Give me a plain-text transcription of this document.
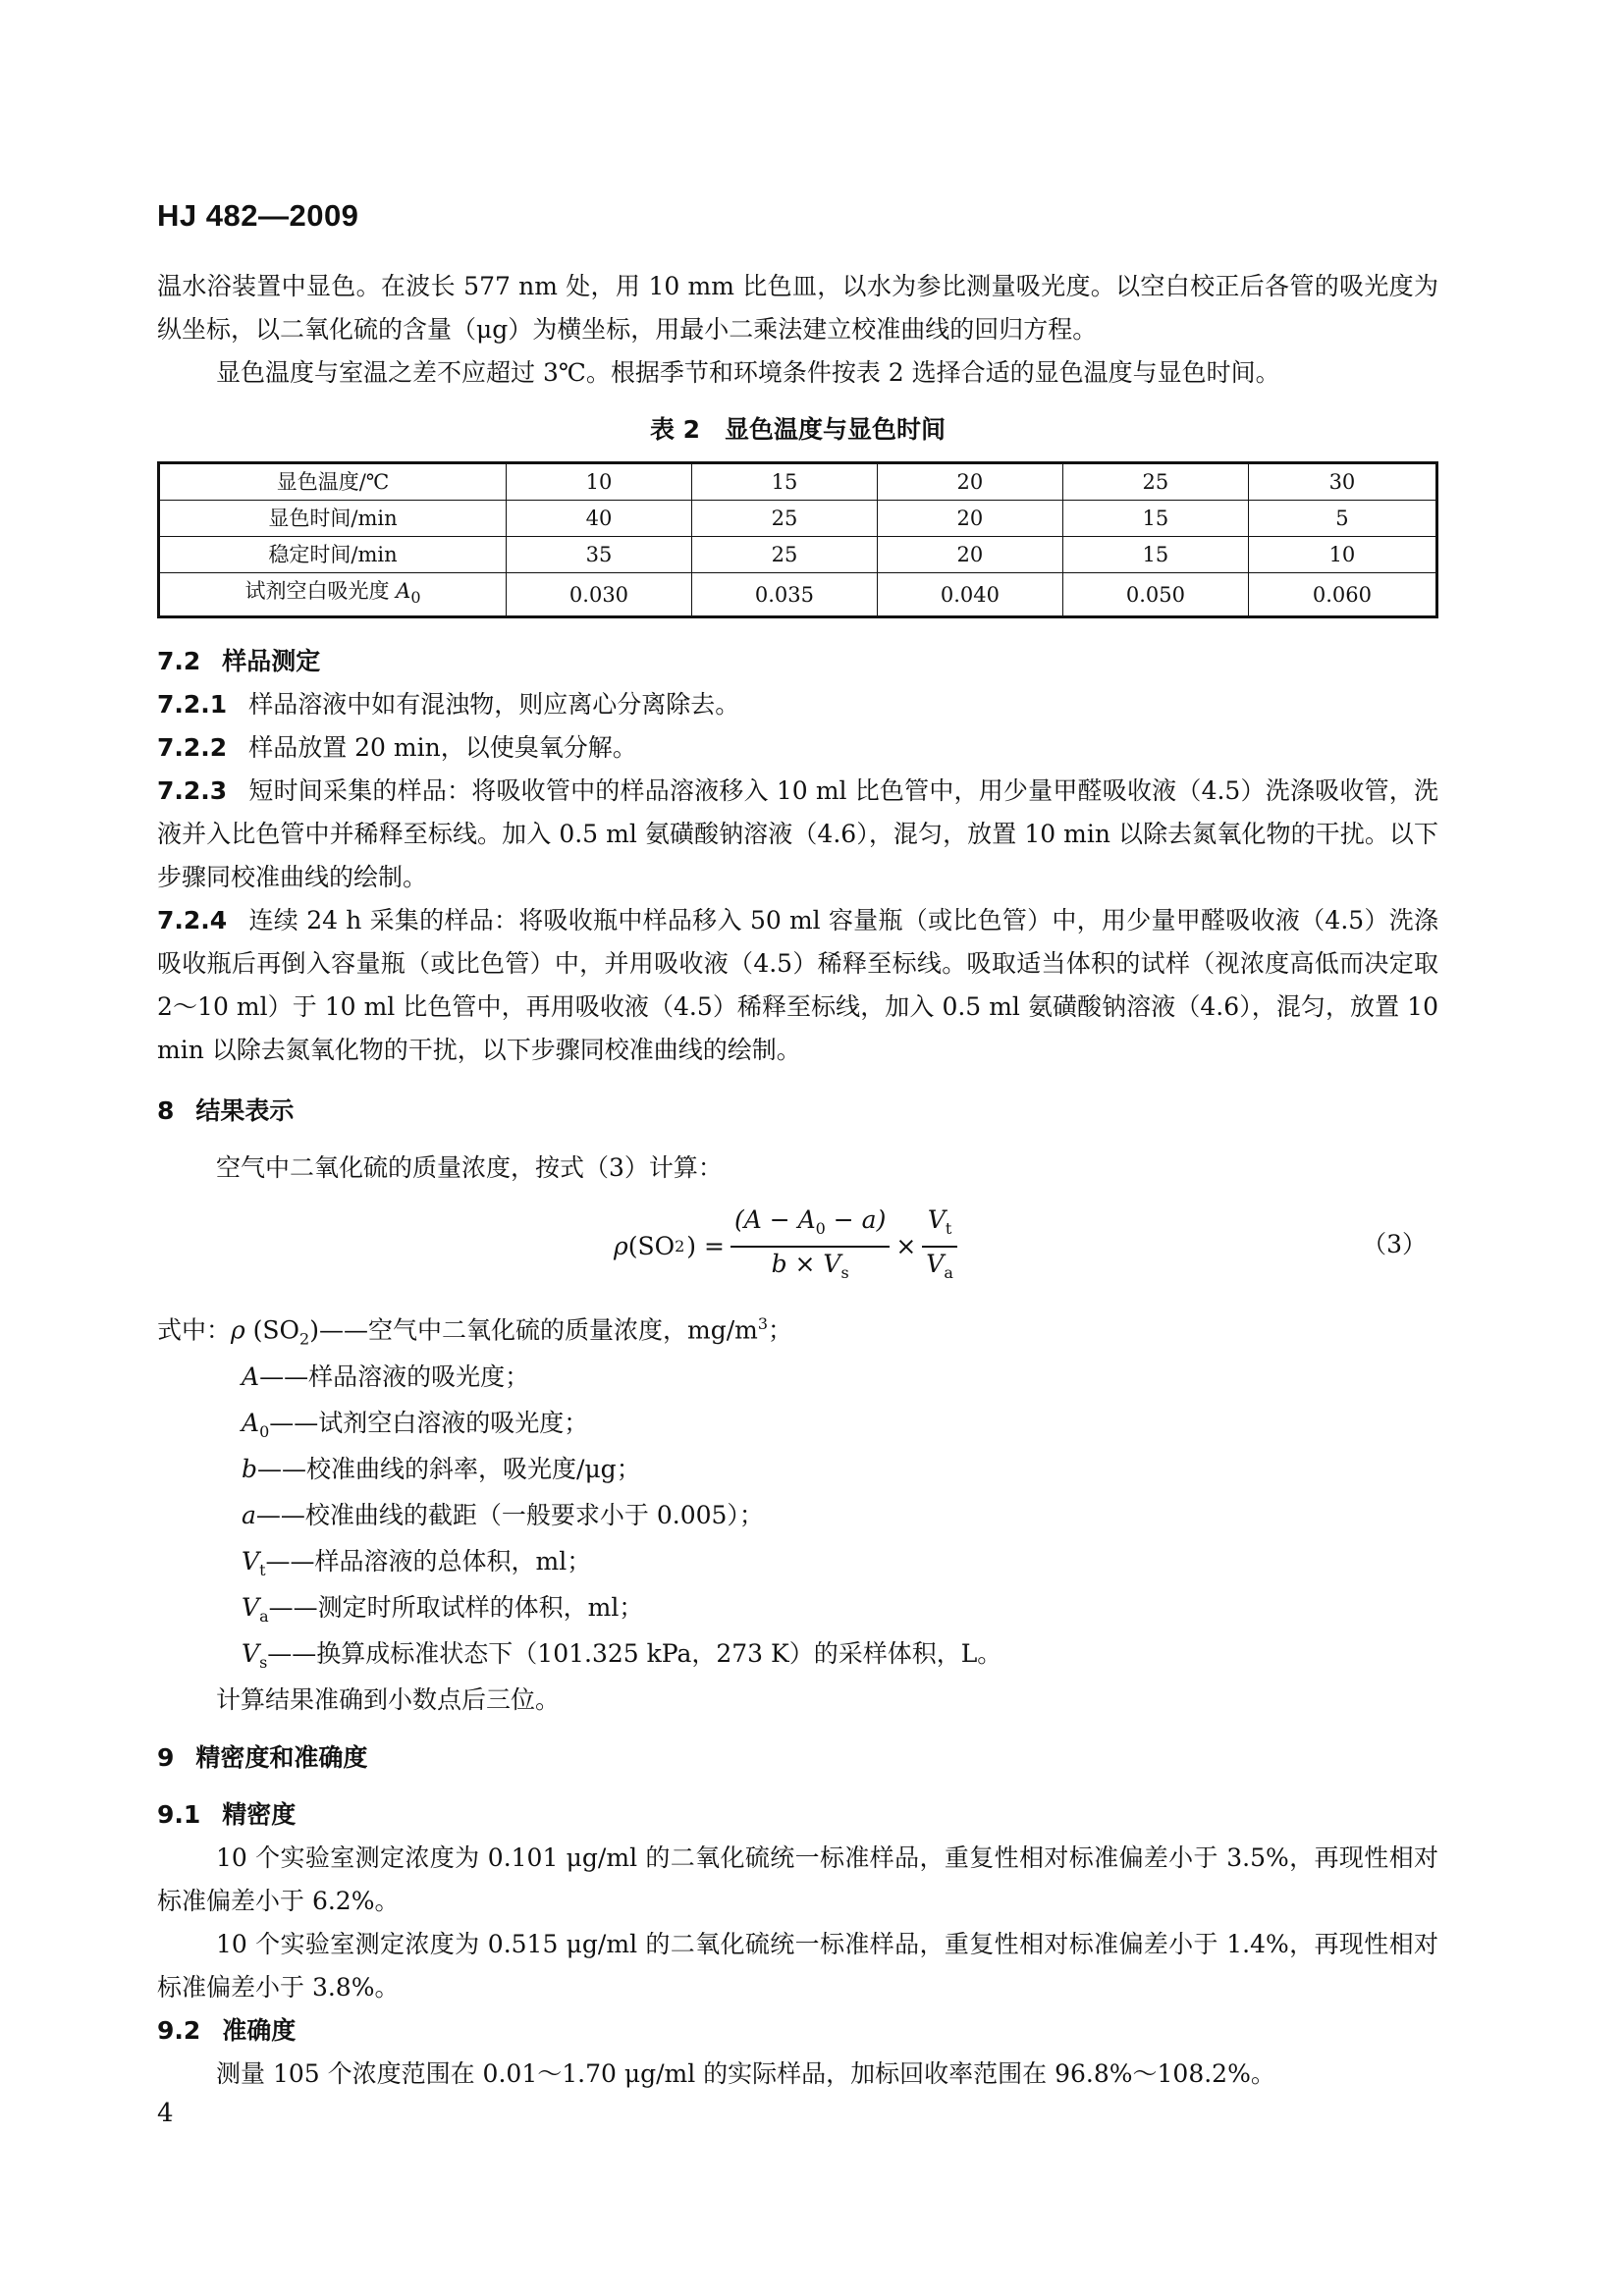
HJ 482—2009

温水浴装置中显色。在波长 577 nm 处，用 10 mm 比色皿，以水为参比测量吸光度。以空白校正后各管的吸光度为纵坐标，以二氧化硫的含量（μg）为横坐标，用最小二乘法建立校准曲线的回归方程。

显色温度与室温之差不应超过 3℃。根据季节和环境条件按表 2 选择合适的显色温度与显色时间。

表 2　显色温度与显色时间
显色温度/℃	10	15	20	25	30
显色时间/min	40	25	20	15	5
稳定时间/min	35	25	20	15	10
试剂空白吸光度 $A_0$	0.030	0.035	0.040	0.050	0.060
7.2 样品测定

7.2.1 样品溶液中如有混浊物，则应离心分离除去。

7.2.2 样品放置 20 min，以使臭氧分解。

7.2.3 短时间采集的样品：将吸收管中的样品溶液移入 10 ml 比色管中，用少量甲醛吸收液（4.5）洗涤吸收管，洗液并入比色管中并稀释至标线。加入 0.5 ml 氨磺酸钠溶液（4.6），混匀，放置 10 min 以除去氮氧化物的干扰。以下步骤同校准曲线的绘制。

7.2.4 连续 24 h 采集的样品：将吸收瓶中样品移入 50 ml 容量瓶（或比色管）中，用少量甲醛吸收液（4.5）洗涤吸收瓶后再倒入容量瓶（或比色管）中，并用吸收液（4.5）稀释至标线。吸取适当体积的试样（视浓度高低而决定取 2～10 ml）于 10 ml 比色管中，再用吸收液（4.5）稀释至标线，加入 0.5 ml 氨磺酸钠溶液（4.6），混匀，放置 10 min 以除去氮氧化物的干扰，以下步骤同校准曲线的绘制。

8 结果表示

空气中二氧化硫的质量浓度，按式（3）计算：

ρ (SO 2 ) = $\frac{(A - A_0 - a)}{b \times V_s} \times \frac{V_t}{V_a}$	（3）
式中：ρ $(SO_2)——$空气中二氧化硫的质量浓度，$mg/m^3$；
A——样品溶液的吸光度；
$A_0——$试剂空白溶液的吸光度；
b——校准曲线的斜率，吸光度/μg；
a——校准曲线的截距（一般要求小于 0.005）；
$V_t——$样品溶液的总体积，ml；
$V_a——$测定时所取试样的体积，ml；
$V_s——$换算成标准状态下（101.325 kPa，273 K）的采样体积，L。
计算结果准确到小数点后三位。
9 精密度和准确度
9.1 精密度

10 个实验室测定浓度为 0.101 μg/ml 的二氧化硫统一标准样品，重复性相对标准偏差小于 3.5%，再现性相对标准偏差小于 6.2%。

10 个实验室测定浓度为 0.515 μg/ml 的二氧化硫统一标准样品，重复性相对标准偏差小于 1.4%，再现性相对标准偏差小于 3.8%。

9.2 准确度

测量 105 个浓度范围在 0.01～1.70 μg/ml 的实际样品，加标回收率范围在 96.8%～108.2%。

4
